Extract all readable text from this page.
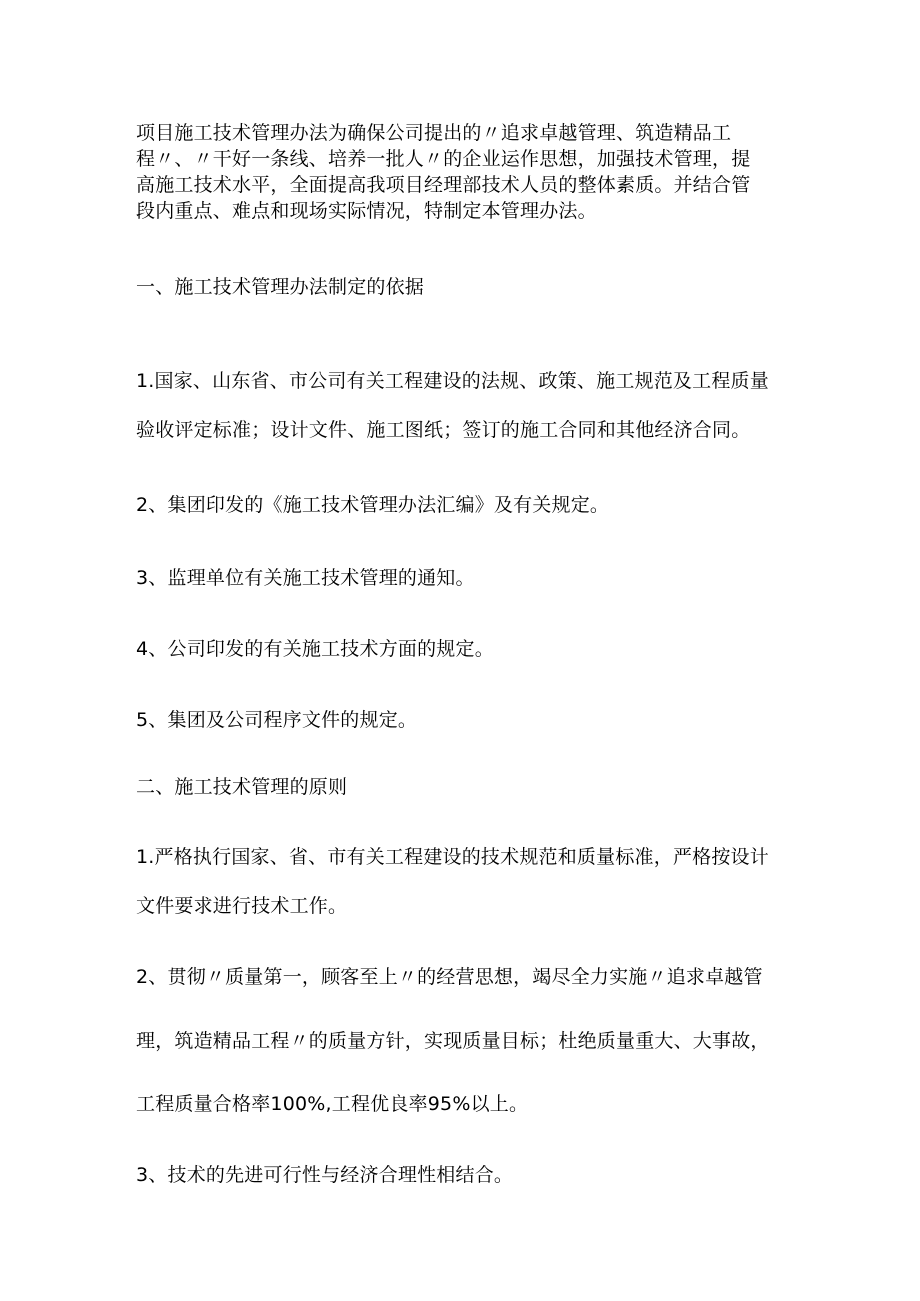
项目施工技术管理办法为确保公司提出的〃追求卓越管理、筑造精品工
程〃、〃干好一条线、培养一批人〃的企业运作思想，加强技术管理，提
高施工技术水平，全面提高我项目经理部技术人员的整体素质。并结合管
段内重点、难点和现场实际情况，特制定本管理办法。

一、施工技术管理办法制定的依据

1.国家、山东省、市公司有关工程建设的法规、政策、施工规范及工程质量

验收评定标准；设计文件、施工图纸；签订的施工合同和其他经济合同。

2、集团印发的《施工技术管理办法汇编》及有关规定。

3、监理单位有关施工技术管理的通知。

4、公司印发的有关施工技术方面的规定。

5、集团及公司程序文件的规定。

二、施工技术管理的原则

1.严格执行国家、省、市有关工程建设的技术规范和质量标准，严格按设计

文件要求进行技术工作。

2、贯彻〃质量第一，顾客至上〃的经营思想，竭尽全力实施〃追求卓越管

理，筑造精品工程〃的质量方针，实现质量目标；杜绝质量重大、大事故，

工程质量合格率100%,工程优良率95%以上。

3、技术的先进可行性与经济合理性相结合。
